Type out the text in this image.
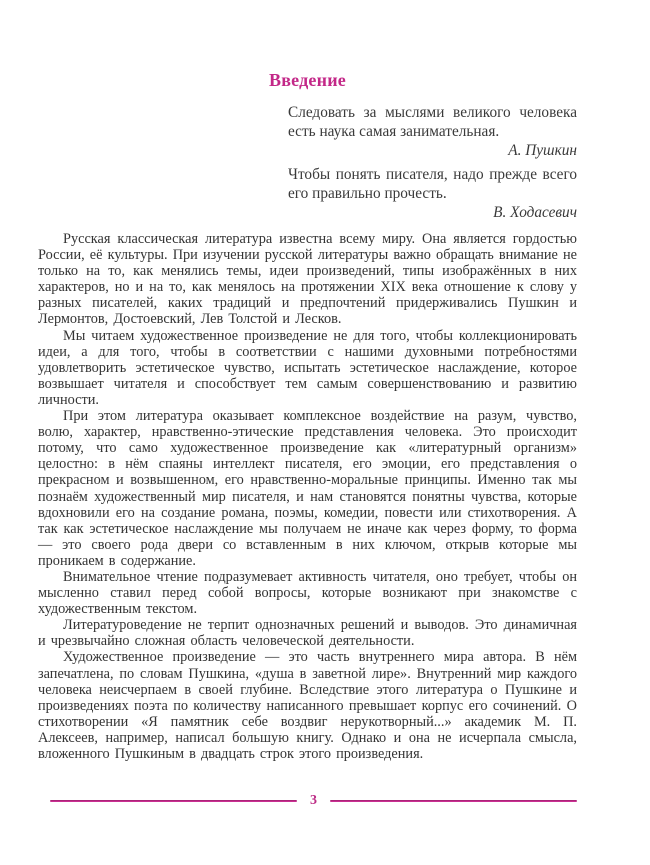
Введение

Следовать за мыслями великого человека есть наука самая занимательная.

А. Пушкин

Чтобы понять писателя, надо прежде всего его правильно прочесть.

В. Ходасевич

Русская классическая литература известна всему миру. Она является гордостью России, её культуры. При изучении русской литературы важно обращать внимание не только на то, как менялись темы, идеи произведений, типы изображённых в них характеров, но и на то, как менялось на протяжении XIX века отношение к слову у разных писателей, каких традиций и предпочтений придерживались Пушкин и Лермонтов, Достоевский, Лев Толстой и Лесков.

Мы читаем художественное произведение не для того, чтобы коллекционировать идеи, а для того, чтобы в соответствии с нашими духовными потребностями удовлетворить эстетическое чувство, испытать эстетическое наслаждение, которое возвышает читателя и способствует тем самым совершенствованию и развитию личности.

При этом литература оказывает комплексное воздействие на разум, чувство, волю, характер, нравственно-этические представления человека. Это происходит потому, что само художественное произведение как «литературный организм» целостно: в нём спаяны интеллект писателя, его эмоции, его представления о прекрасном и возвышенном, его нравственно-моральные принципы. Именно так мы познаём художественный мир писателя, и нам становятся понятны чувства, которые вдохновили его на создание романа, поэмы, комедии, повести или стихотворения. А так как эстетическое наслаждение мы получаем не иначе как через форму, то форма — это своего рода двери со вставленным в них ключом, открыв которые мы проникаем в содержание.

Внимательное чтение подразумевает активность читателя, оно требует, чтобы он мысленно ставил перед собой вопросы, которые возникают при знакомстве с художественным текстом.

Литературоведение не терпит однозначных решений и выводов. Это динамичная и чрезвычайно сложная область человеческой деятельности.

Художественное произведение — это часть внутреннего мира автора. В нём запечатлена, по словам Пушкина, «душа в заветной лире». Внутренний мир каждого человека неисчерпаем в своей глубине. Вследствие этого литература о Пушкине и произведениях поэта по количеству написанного превышает корпус его сочинений. О стихотворении «Я памятник себе воздвиг нерукотворный...» академик М. П. Алексеев, например, написал большую книгу. Однако и она не исчерпала смысла, вложенного Пушкиным в двадцать строк этого произведения.

3
